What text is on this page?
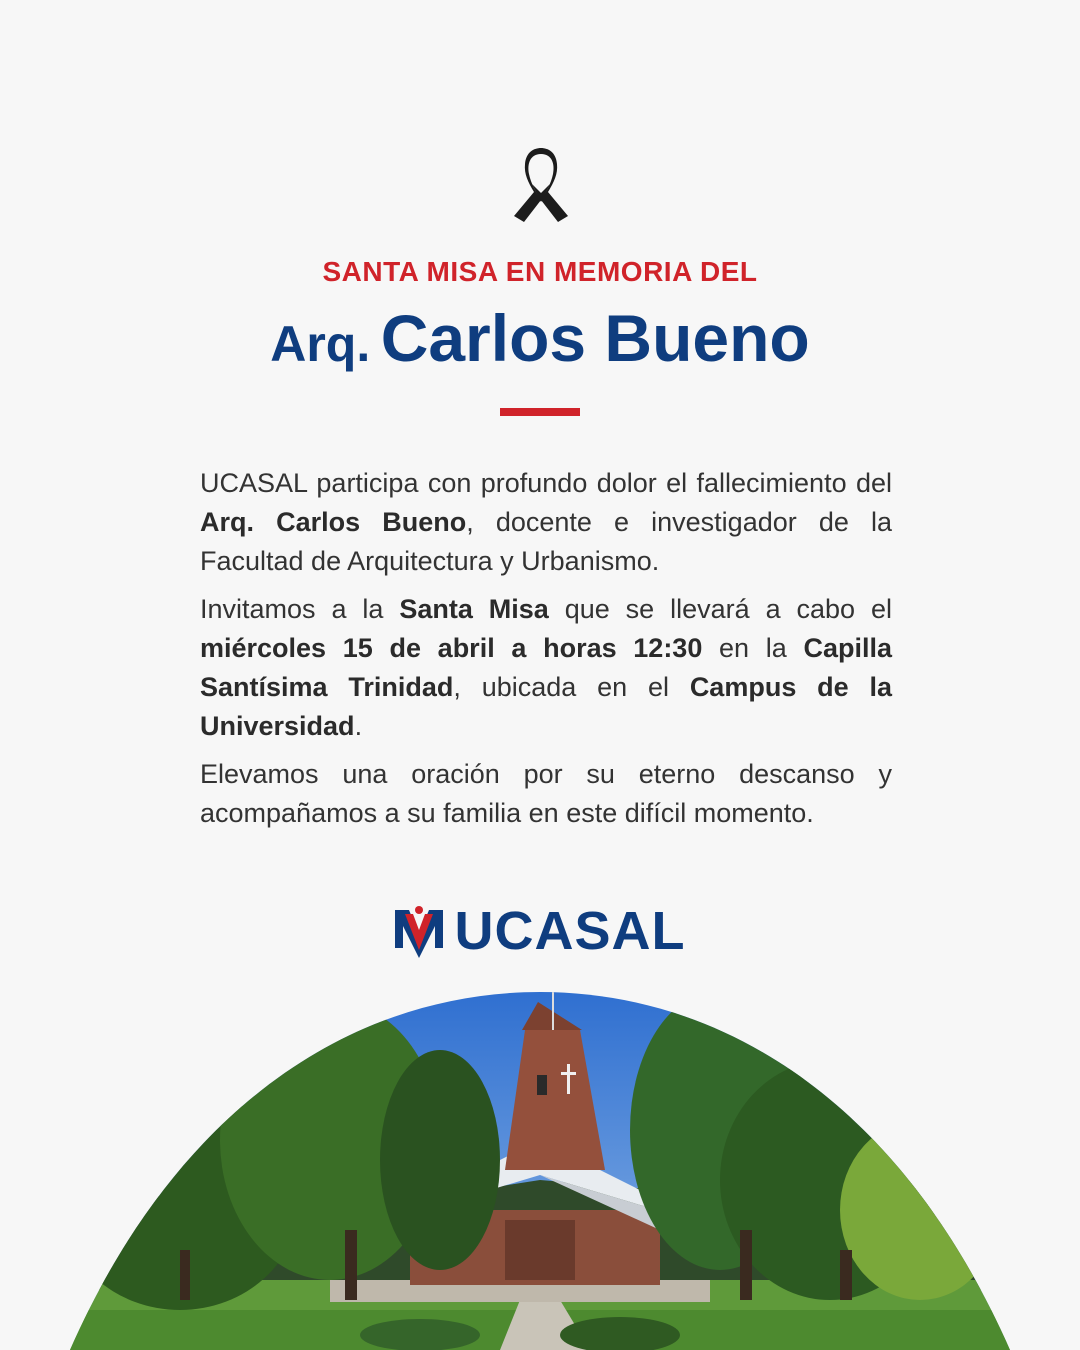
SANTA MISA EN MEMORIA DEL
Arq. Carlos Bueno

UCASAL participa con profundo dolor el fallecimiento del Arq. Carlos Bueno, docente e investigador de la Facultad de Arquitectura y Urbanismo.

Invitamos a la Santa Misa que se llevará a cabo el miércoles 15 de abril a horas 12:30 en la Capilla Santísima Trinidad, ubicada en el Campus de la Universidad.

Elevamos una oración por su eterno descanso y acompañamos a su familia en este difícil momento.

UCASAL
